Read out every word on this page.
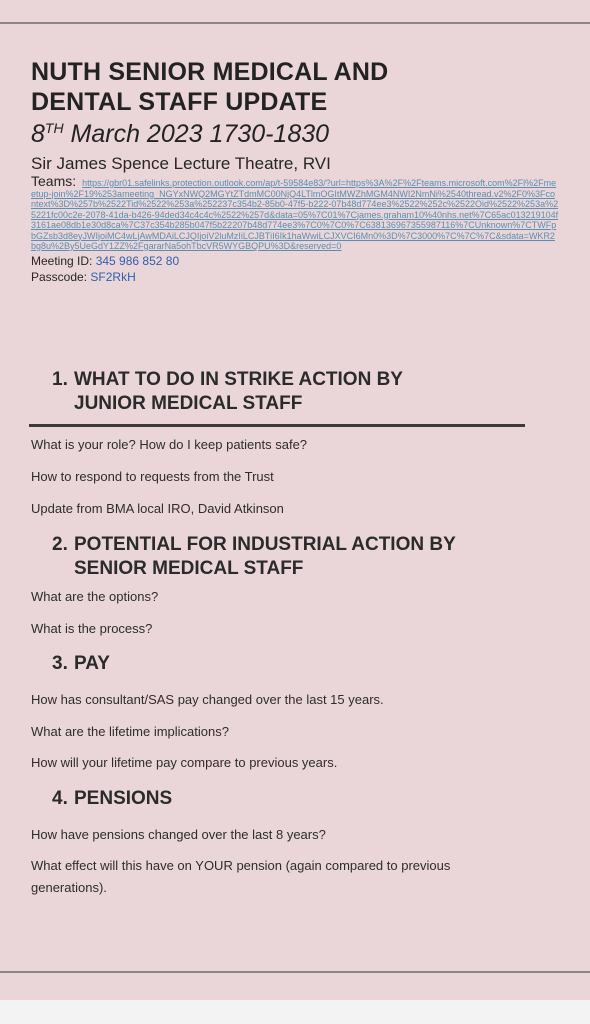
NUTH SENIOR MEDICAL AND
DENTAL STAFF UPDATE
8TH March 2023 1730-1830
Sir James Spence Lecture Theatre, RVI
Teams: https://gbr01.safelinks.protection.outlook.com/ap/t-59584e83/?url=https%3A%2F%2Fteams.microsoft.com%2Fl%2Fmeetup-join%2F19%253ameeting_NGYxNWQ2MGYtZTdmMC00NjQ4LTlmOGItMWZhMGM4NWI2NmNi%2540thread.v2%2F0%3Fcontext%3D%257b%2522Tid%2522%253a%252237c354b2-85b0-47f5-b222-07b48d774ee3%2522%252c%2522Oid%2522%253a%25221fc00c2e-2078-41da-b426-94ded34c4c4c%2522%257d&data=05%7C01%7Cjames.graham10%40nhs.net%7C65ac013219104f3161ae08db1e30d8ca%7C37c354b285b047f5b22207b48d774ee3%7C0%7C0%7C638136967355987116%7CUnknown%7CTWFpbGZsb3d8eyJWIjoiMC4wLjAwMDAiLCJQIjoiV2luMzIiLCJBTiI6Ik1haWwiLCJXVCI6Mn0%3D%7C3000%7C%7C%7C&sdata=WKR2bg8u%2By5UeGdY1ZZ%2FgararNa5ohTbcVR5WYGBQPU%3D&reserved=0
Meeting ID: 345 986 852 80
Passcode: SF2RkH
1. WHAT TO DO IN STRIKE ACTION BY
JUNIOR MEDICAL STAFF
What is your role? How do I keep patients safe?
How to respond to requests from the Trust
Update from BMA local IRO, David Atkinson
2. POTENTIAL FOR INDUSTRIAL ACTION BY
SENIOR MEDICAL STAFF
What are the options?
What is the process?
3. PAY
How has consultant/SAS pay changed over the last 15 years.
What are the lifetime implications?
How will your lifetime pay compare to previous years.
4. PENSIONS
How have pensions changed over the last 8 years?
What effect will this have on YOUR pension (again compared to previous
generations).
